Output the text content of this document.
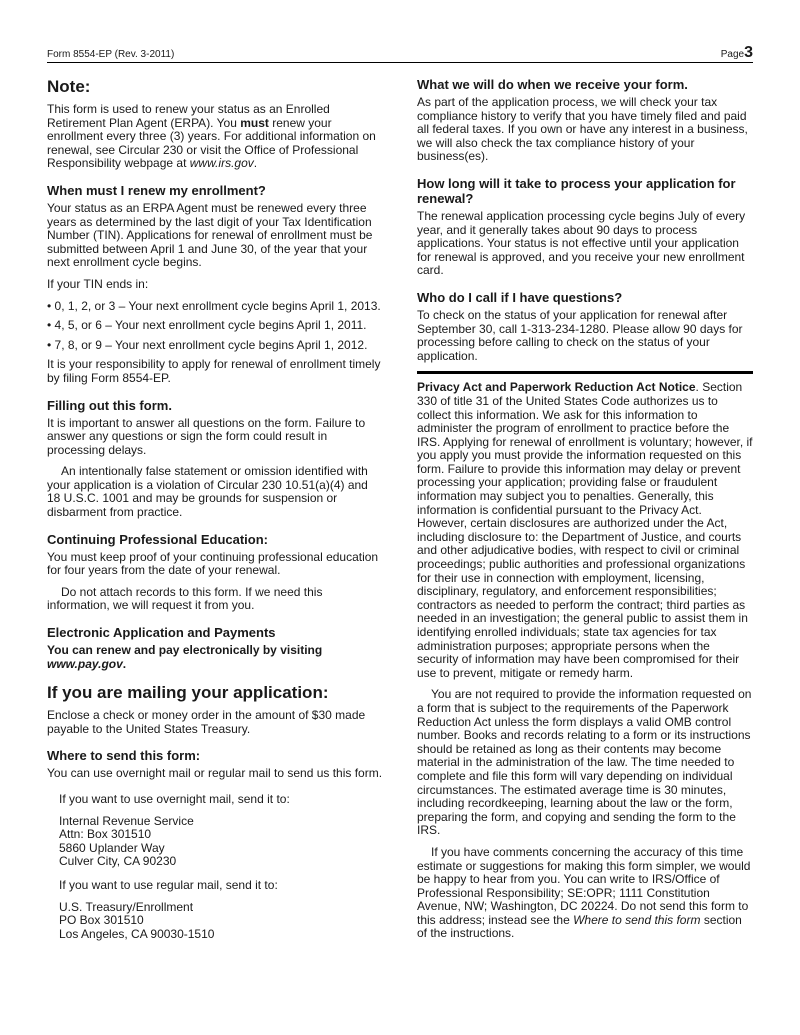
Form 8554-EP (Rev. 3-2011)	Page3
Note:

This form is used to renew your status as an Enrolled Retirement Plan Agent (ERPA). You must renew your enrollment every three (3) years. For additional information on renewal, see Circular 230 or visit the Office of Professional Responsibility webpage at www.irs.gov.

When must I renew my enrollment?

Your status as an ERPA Agent must be renewed every three years as determined by the last digit of your Tax Identification Number (TIN). Applications for renewal of enrollment must be submitted between April 1 and June 30, of the year that your next enrollment cycle begins.

If your TIN ends in:

• 0, 1, 2, or 3 – Your next enrollment cycle begins April 1, 2013.
• 4, 5, or 6 – Your next enrollment cycle begins April 1, 2011.
• 7, 8, or 9 – Your next enrollment cycle begins April 1, 2012.

It is your responsibility to apply for renewal of enrollment timely by filing Form 8554-EP.

Filling out this form.

It is important to answer all questions on the form. Failure to answer any questions or sign the form could result in processing delays.

An intentionally false statement or omission identified with your application is a violation of Circular 230 10.51(a)(4) and 18 U.S.C. 1001 and may be grounds for suspension or disbarment from practice.

Continuing Professional Education:

You must keep proof of your continuing professional education for four years from the date of your renewal.

Do not attach records to this form. If we need this information, we will request it from you.

Electronic Application and Payments

You can renew and pay electronically by visiting www.pay.gov.

If you are mailing your application:

Enclose a check or money order in the amount of $30 made payable to the United States Treasury.

Where to send this form:

You can use overnight mail or regular mail to send us this form.

If you want to use overnight mail, send it to:

Internal Revenue Service
Attn: Box 301510
5860 Uplander Way
Culver City, CA 90230

If you want to use regular mail, send it to:

U.S. Treasury/Enrollment
PO Box 301510
Los Angeles, CA 90030-1510
What we will do when we receive your form.

As part of the application process, we will check your tax compliance history to verify that you have timely filed and paid all federal taxes. If you own or have any interest in a business, we will also check the tax compliance history of your business(es).

How long will it take to process your application for renewal?

The renewal application processing cycle begins July of every year, and it generally takes about 90 days to process applications. Your status is not effective until your application for renewal is approved, and you receive your new enrollment card.

Who do I call if I have questions?

To check on the status of your application for renewal after September 30, call 1-313-234-1280. Please allow 90 days for processing before calling to check on the status of your application.

Privacy Act and Paperwork Reduction Act Notice. Section 330 of title 31 of the United States Code authorizes us to collect this information. We ask for this information to administer the program of enrollment to practice before the IRS. Applying for renewal of enrollment is voluntary; however, if you apply you must provide the information requested on this form. Failure to provide this information may delay or prevent processing your application; providing false or fraudulent information may subject you to penalties. Generally, this information is confidential pursuant to the Privacy Act. However, certain disclosures are authorized under the Act, including disclosure to: the Department of Justice, and courts and other adjudicative bodies, with respect to civil or criminal proceedings; public authorities and professional organizations for their use in connection with employment, licensing, disciplinary, regulatory, and enforcement responsibilities; contractors as needed to perform the contract; third parties as needed in an investigation; the general public to assist them in identifying enrolled individuals; state tax agencies for tax administration purposes; appropriate persons when the security of information may have been compromised for their use to prevent, mitigate or remedy harm.

You are not required to provide the information requested on a form that is subject to the requirements of the Paperwork Reduction Act unless the form displays a valid OMB control number. Books and records relating to a form or its instructions should be retained as long as their contents may become material in the administration of the law. The time needed to complete and file this form will vary depending on individual circumstances. The estimated average time is 30 minutes, including recordkeeping, learning about the law or the form, preparing the form, and copying and sending the form to the IRS.

If you have comments concerning the accuracy of this time estimate or suggestions for making this form simpler, we would be happy to hear from you. You can write to IRS/Office of Professional Responsibility; SE:OPR; 1111 Constitution Avenue, NW; Washington, DC 20224. Do not send this form to this address; instead see the Where to send this form section of the instructions.
